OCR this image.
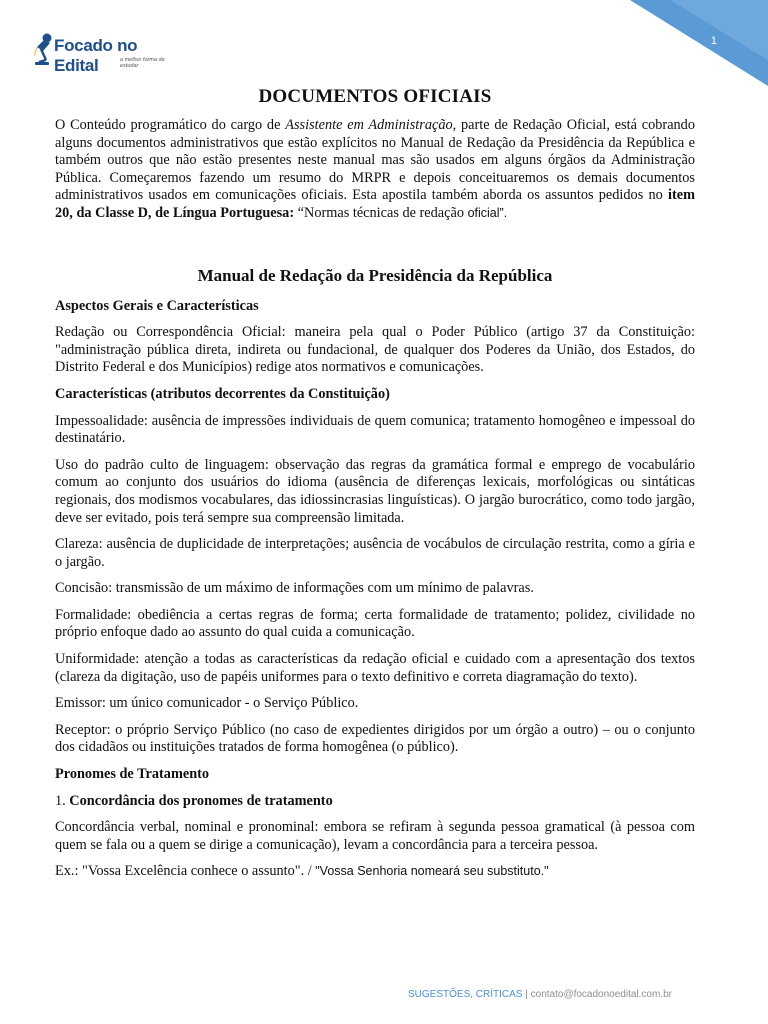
Focado no Edital	a melhor forma de estudar
1
DOCUMENTOS OFICIAIS

O Conteúdo programático do cargo de Assistente em Administração, parte de Redação Oficial, está cobrando alguns documentos administrativos que estão explícitos no Manual de Redação da Presidência da República e também outros que não estão presentes neste manual mas são usados em alguns órgãos da Administração Pública. Começaremos fazendo um resumo do MRPR e depois conceituaremos os demais documentos administrativos usados em comunicações oficiais. Esta apostila também aborda os assuntos pedidos no item 20, da Classe D, de Língua Portuguesa: “Normas técnicas de redação oficial”.

Manual de Redação da Presidência da República

Aspectos Gerais e Características

Redação ou Correspondência Oficial: maneira pela qual o Poder Público (artigo 37 da Constituição: "administração pública direta, indireta ou fundacional, de qualquer dos Poderes da União, dos Estados, do Distrito Federal e dos Municípios) redige atos normativos e comunicações.

Características (atributos decorrentes da Constituição)

Impessoalidade: ausência de impressões individuais de quem comunica; tratamento homogêneo e impessoal do destinatário.

Uso do padrão culto de linguagem: observação das regras da gramática formal e emprego de vocabulário comum ao conjunto dos usuários do idioma (ausência de diferenças lexicais, morfológicas ou sintáticas regionais, dos modismos vocabulares, das idiossincrasias linguísticas). O jargão burocrático, como todo jargão, deve ser evitado, pois terá sempre sua compreensão limitada.

Clareza: ausência de duplicidade de interpretações; ausência de vocábulos de circulação restrita, como a gíria e o jargão.

Concisão: transmissão de um máximo de informações com um mínimo de palavras.

Formalidade: obediência a certas regras de forma; certa formalidade de tratamento; polidez, civilidade no próprio enfoque dado ao assunto do qual cuida a comunicação.

Uniformidade: atenção a todas as características da redação oficial e cuidado com a apresentação dos textos (clareza da digitação, uso de papéis uniformes para o texto definitivo e correta diagramação do texto).

Emissor: um único comunicador - o Serviço Público.

Receptor: o próprio Serviço Público (no caso de expedientes dirigidos por um órgão a outro) – ou o conjunto dos cidadãos ou instituições tratados de forma homogênea (o público).

Pronomes de Tratamento

1. Concordância dos pronomes de tratamento

Concordância verbal, nominal e pronominal: embora se refiram à segunda pessoa gramatical (à pessoa com quem se fala ou a quem se dirige a comunicação), levam a concordância para a terceira pessoa.

Ex.: "Vossa Excelência conhece o assunto". / "Vossa Senhoria nomeará seu substituto."

SUGESTÕES, CRÍTICAS | contato@focadonoedital.com.br
